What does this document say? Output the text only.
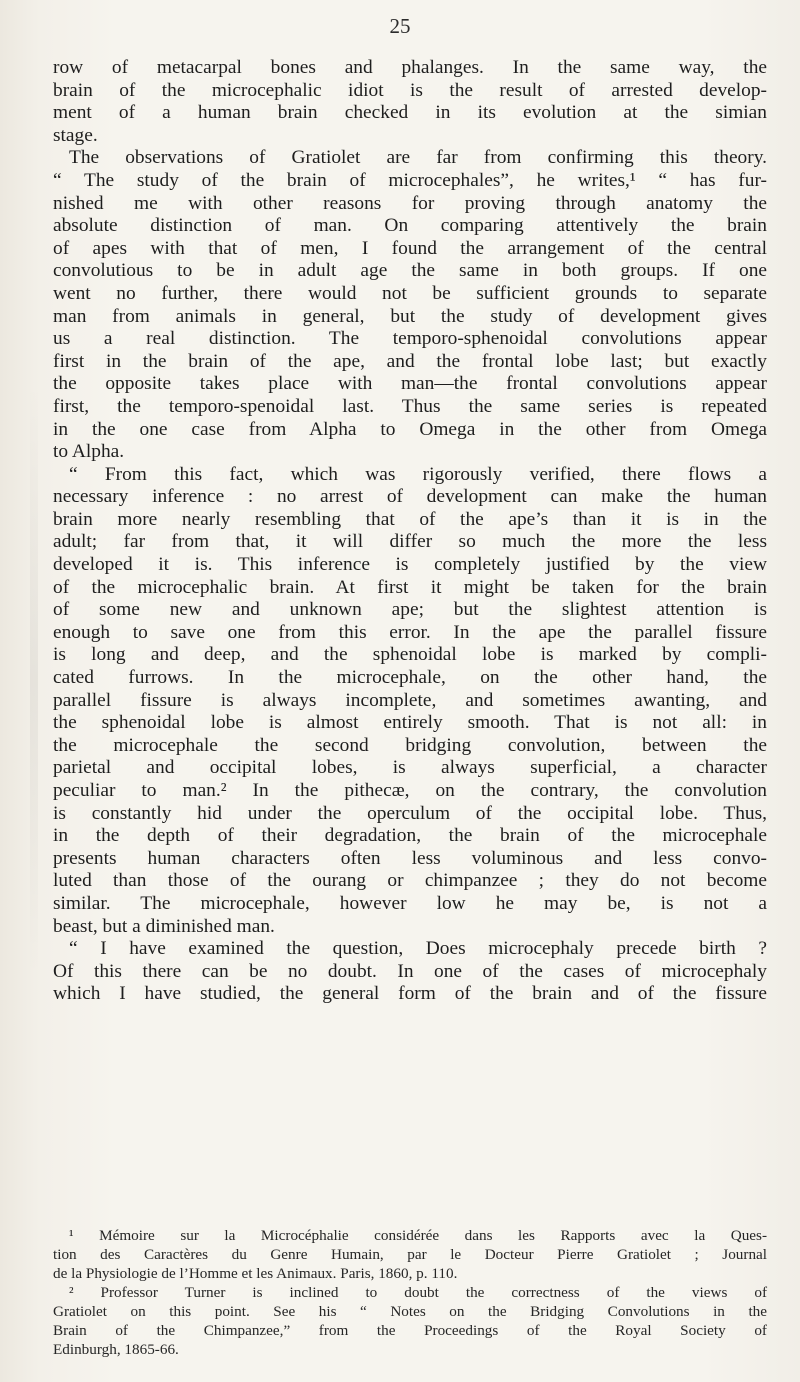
25
row of metacarpal bones and phalanges. In the same way, the
brain of the microcephalic idiot is the result of arrested develop-
ment of a human brain checked in its evolution at the simian
stage.
The observations of Gratiolet are far from confirming this theory.
“ The study of the brain of microcephales”, he writes,¹ “ has fur-
nished me with other reasons for proving through anatomy the
absolute distinction of man. On comparing attentively the brain
of apes with that of men, I found the arrangement of the central
convolutious to be in adult age the same in both groups. If one
went no further, there would not be sufficient grounds to separate
man from animals in general, but the study of development gives
us a real distinction. The temporo-sphenoidal convolutions appear
first in the brain of the ape, and the frontal lobe last; but exactly
the opposite takes place with man—the frontal convolutions appear
first, the temporo-spenoidal last. Thus the same series is repeated
in the one case from Alpha to Omega in the other from Omega
to Alpha.
“ From this fact, which was rigorously verified, there flows a
necessary inference : no arrest of development can make the human
brain more nearly resembling that of the ape’s than it is in the
adult; far from that, it will differ so much the more the less
developed it is. This inference is completely justified by the view
of the microcephalic brain. At first it might be taken for the brain
of some new and unknown ape; but the slightest attention is
enough to save one from this error. In the ape the parallel fissure
is long and deep, and the sphenoidal lobe is marked by compli-
cated furrows. In the microcephale, on the other hand, the
parallel fissure is always incomplete, and sometimes awanting, and
the sphenoidal lobe is almost entirely smooth. That is not all: in
the microcephale the second bridging convolution, between the
parietal and occipital lobes, is always superficial, a character
peculiar to man.² In the pithecæ, on the contrary, the convolution
is constantly hid under the operculum of the occipital lobe. Thus,
in the depth of their degradation, the brain of the microcephale
presents human characters often less voluminous and less convo-
luted than those of the ourang or chimpanzee ; they do not become
similar. The microcephale, however low he may be, is not a
beast, but a diminished man.
“ I have examined the question, Does microcephaly precede birth ?
Of this there can be no doubt. In one of the cases of microcephaly
which I have studied, the general form of the brain and of the fissure
¹ Mémoire sur la Microcéphalie considérée dans les Rapports avec la Ques-
tion des Caractères du Genre Humain, par le Docteur Pierre Gratiolet ; Journal
de la Physiologie de l’Homme et les Animaux. Paris, 1860, p. 110.
² Professor Turner is inclined to doubt the correctness of the views of
Gratiolet on this point. See his “ Notes on the Bridging Convolutions in the
Brain of the Chimpanzee,” from the Proceedings of the Royal Society of
Edinburgh, 1865-66.
